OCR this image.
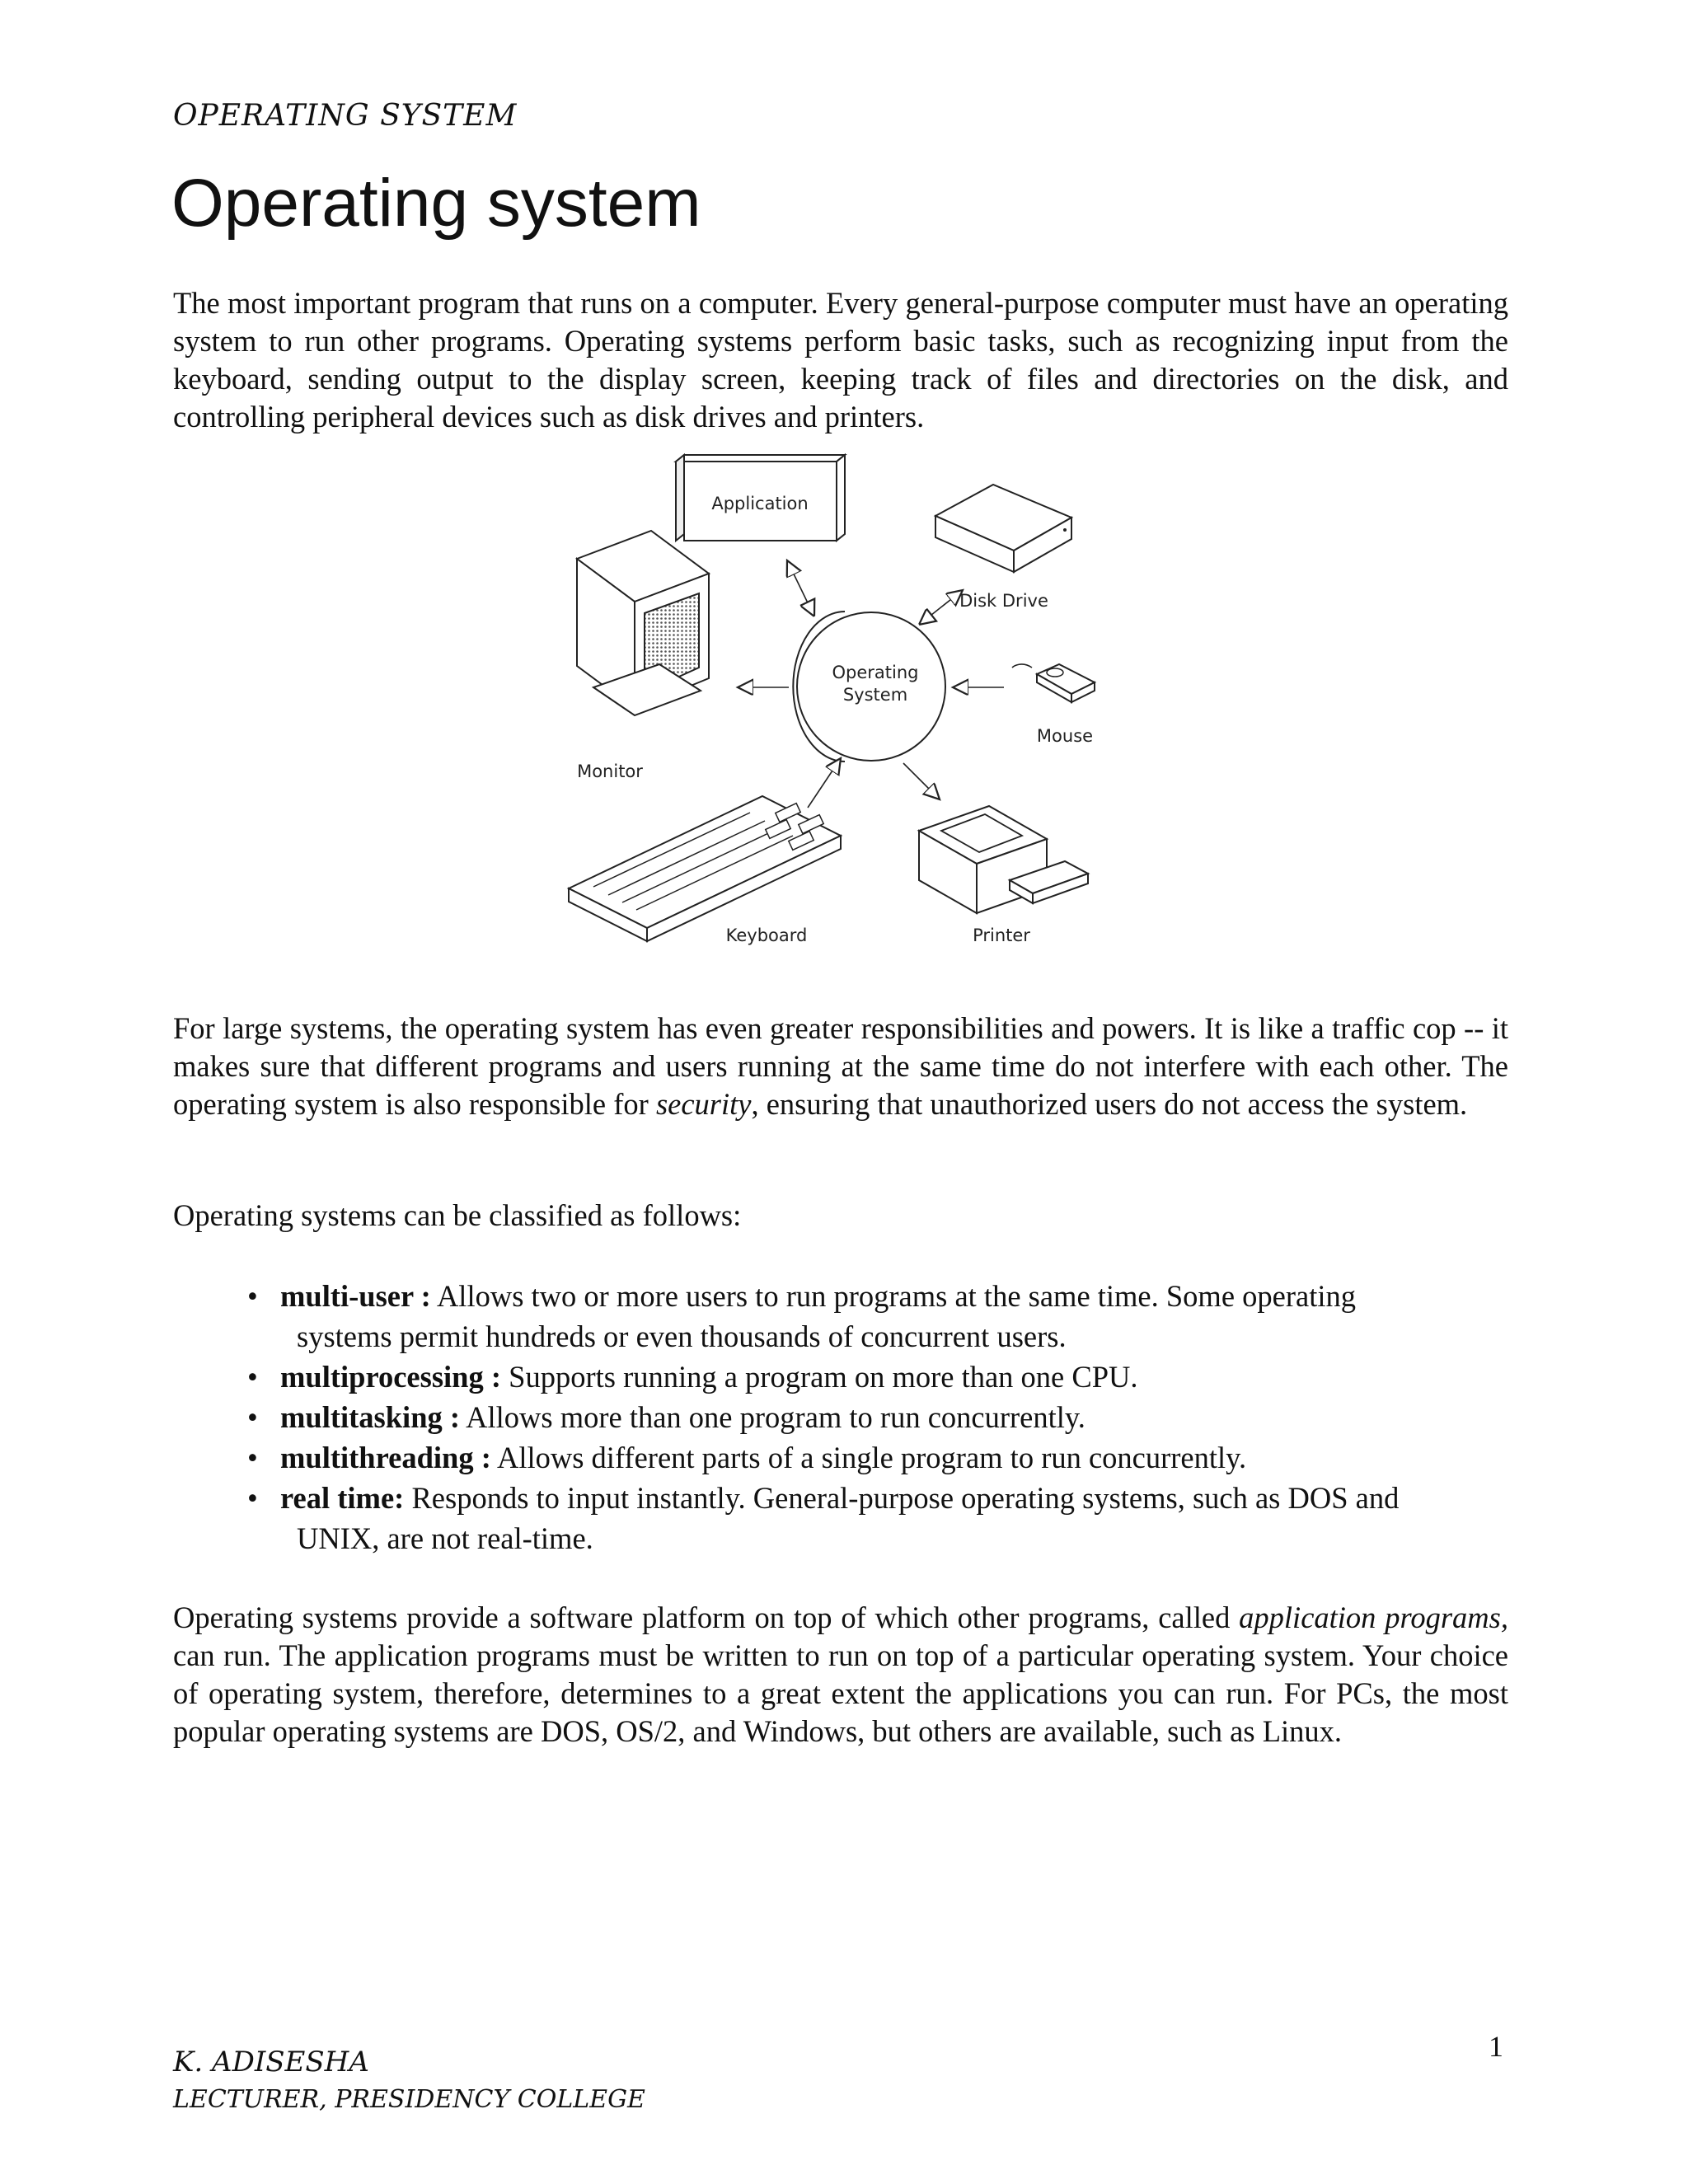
OPERATING SYSTEM
Operating system

The most important program that runs on a computer. Every general-purpose computer must have an operating system to run other programs. Operating systems perform basic tasks, such as recognizing input from the keyboard, sending output to the display screen, keeping track of files and directories on the disk, and controlling peripheral devices such as disk drives and printers.

Application
Disk Drive
Operating
System
Monitor
Mouse
Keyboard	Printer

For large systems, the operating system has even greater responsibilities and powers. It is like a traffic cop -- it makes sure that different programs and users running at the same time do not interfere with each other. The operating system is also responsible for security, ensuring that unauthorized users do not access the system.

Operating systems can be classified as follows:

• multi-user : Allows two or more users to run programs at the same time. Some operating
systems permit hundreds or even thousands of concurrent users.
• multiprocessing : Supports running a program on more than one CPU.
• multitasking : Allows more than one program to run concurrently.
• multithreading : Allows different parts of a single program to run concurrently.
• real time: Responds to input instantly. General-purpose operating systems, such as DOS and
UNIX, are not real-time.

Operating systems provide a software platform on top of which other programs, called application programs, can run. The application programs must be written to run on top of a particular operating system. Your choice of operating system, therefore, determines to a great extent the applications you can run. For PCs, the most popular operating systems are DOS, OS/2, and Windows, but others are available, such as Linux.

1
K. ADISESHA
LECTURER, PRESIDENCY COLLEGE
